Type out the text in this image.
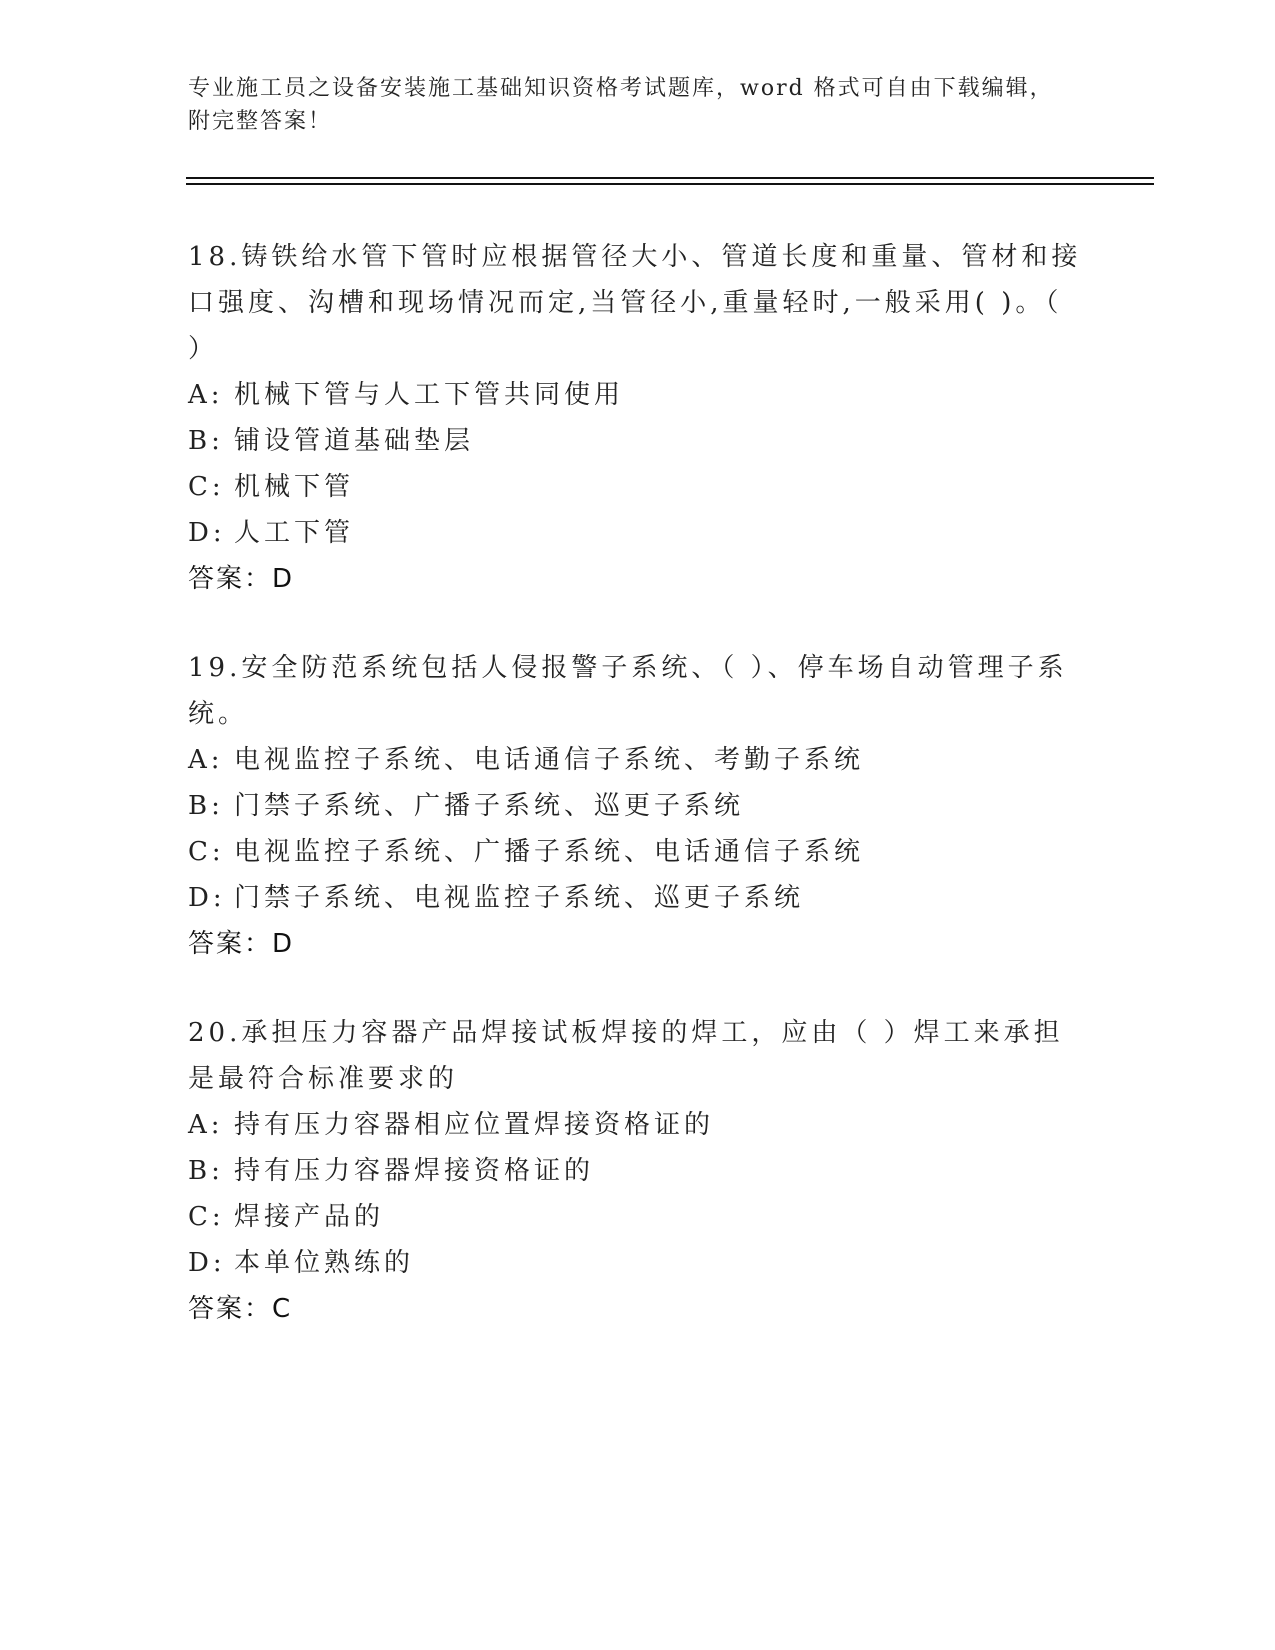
专业施工员之设备安装施工基础知识资格考试题库，word 格式可自由下载编辑，
附完整答案！
18.铸铁给水管下管时应根据管径大小、管道长度和重量、管材和接口强度、沟槽和现场情况而定,当管径小,重量轻时,一般采用( )。（ ）
A: 机械下管与人工下管共同使用
B: 铺设管道基础垫层
C: 机械下管
D: 人工下管
答案：D
19.安全防范系统包括人侵报警子系统、（ ）、停车场自动管理子系统。
A: 电视监控子系统、电话通信子系统、考勤子系统
B: 门禁子系统、广播子系统、巡更子系统
C: 电视监控子系统、广播子系统、电话通信子系统
D: 门禁子系统、电视监控子系统、巡更子系统
答案：D
20.承担压力容器产品焊接试板焊接的焊工，应由（ ）焊工来承担是最符合标准要求的
A: 持有压力容器相应位置焊接资格证的
B: 持有压力容器焊接资格证的
C: 焊接产品的
D: 本单位熟练的
答案：C
